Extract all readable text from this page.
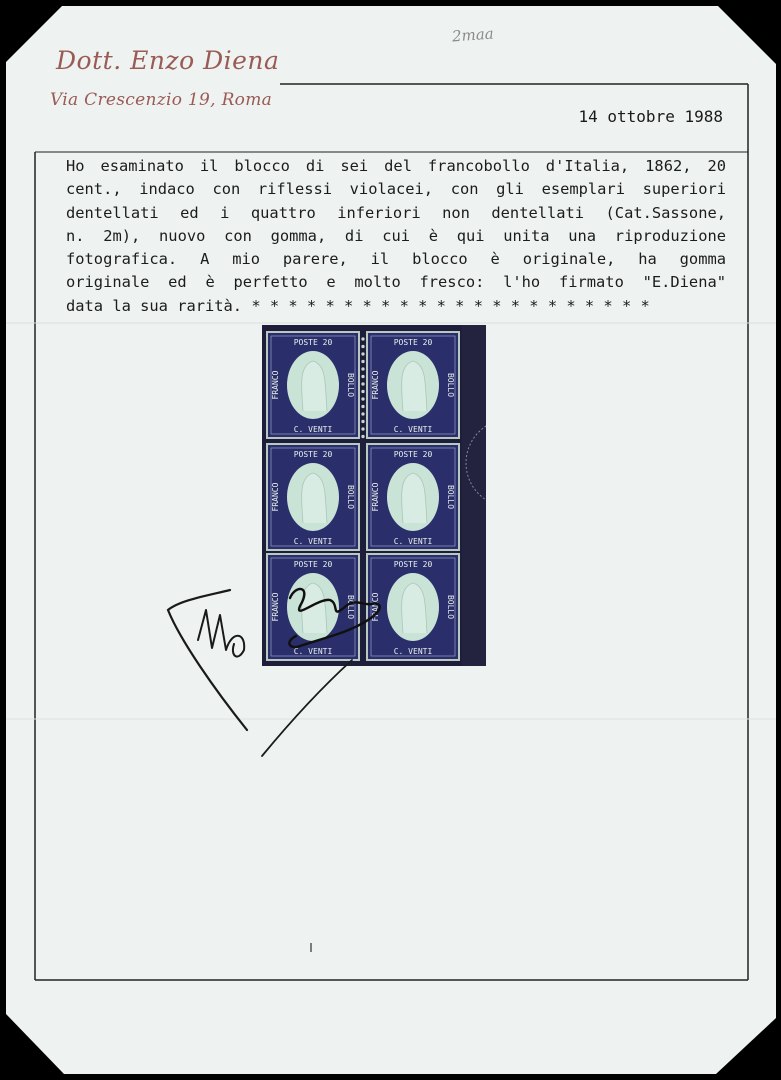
Dott. Enzo Diena
Via Crescenzio 19, Roma
2maa
14 ottobre 1988
Ho esaminato il blocco di sei del francobollo d'Italia, 1862, 20
cent., indaco con riflessi violacei, con gli esemplari superiori
dentellati ed i quattro inferiori non dentellati (Cat.Sassone,
n. 2m), nuovo con gomma, di cui è qui unita una riproduzione
fotografica. A mio parere, il blocco è originale, ha gomma
originale ed è perfetto e molto fresco: l'ho firmato "E.Diena"
data la sua rarità. * * * * * * * * * * * * * * * * * * * * * *
POSTE 20
C. VENTI
FRANCO	BOLLO
POSTE 20
C. VENTI
FRANCO	BOLLO
POSTE 20
C. VENTI
FRANCO	BOLLO
POSTE 20
C. VENTI
FRANCO	BOLLO
POSTE 20
C. VENTI
FRANCO	BOLLO
POSTE 20
C. VENTI
FRANCO	BOLLO
